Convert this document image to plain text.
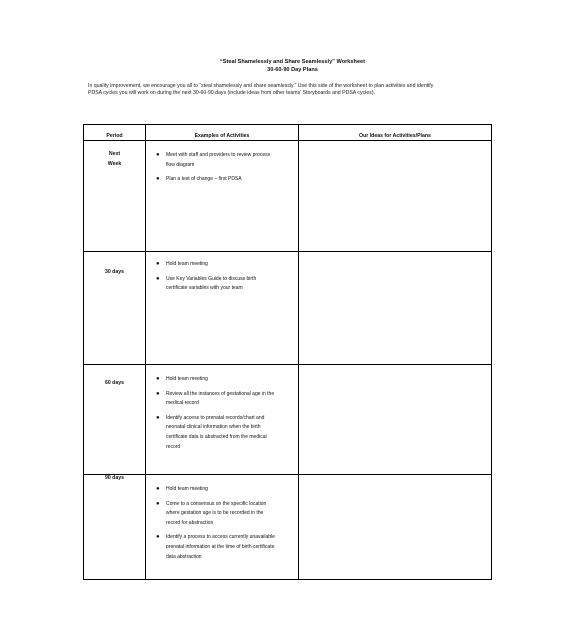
“Steal Shamelessly and Share Seamlessly” Worksheet
30-60-90 Day Plans
In quality improvement, we encourage you all to “steal shamelessly and share seamlessly.” Use this side of the worksheet to plan activities and identify
PDSA cycles you will work on during the next 30-60-90 days (include ideas from other teams’ Storyboards and PDSA cycles).
Period	Examples of Activities	Our Ideas for Activities/Plans
Next
Week
● Meet with staff and providers to review process
flow diagram
● Plan a test of change – first PDSA
30 days
● Hold team meeting
● Use Key Variables Guide to discuss birth
certificate variables with your team
60 days
● Hold team meeting
● Review all the instances of gestational age in the
medical record
● Identify access to prenatal records/chart and
neonatal clinical information when the birth
certificate data is abstracted from the medical
record
90 days
● Hold team meeting
● Come to a consensus on the specific location
where gestation age is to be recorded in the
record for abstraction
● Identify a process to access currently unavailable
prenatal information at the time of birth certificate
data abstraction
